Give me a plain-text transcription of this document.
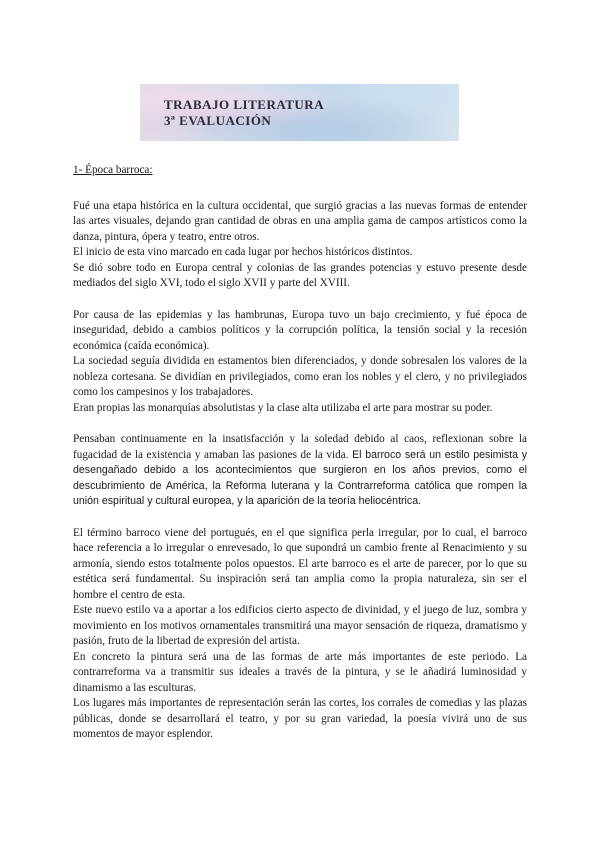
TRABAJO LITERATURA
3ª EVALUACIÓN

1- Época barroca:

Fué una etapa histórica en la cultura occidental, que surgió gracias a las nuevas formas de entender las artes visuales, dejando gran cantidad de obras en una amplia gama de campos artísticos como la danza, pintura, ópera y teatro, entre otros.

El inicio de esta vino marcado en cada lugar por hechos históricos distintos.

Se dió sobre todo en Europa central y colonias de las grandes potencias y estuvo presente desde mediados del siglo XVI, todo el siglo XVII y parte del XVIII.

Por causa de las epidemias y las hambrunas, Europa tuvo un bajo crecimiento, y fué época de inseguridad, debido a cambios políticos y la corrupción política, la tensión social y la recesión económica (caída económica).

La sociedad seguía dividida en estamentos bien diferenciados, y donde sobresalen los valores de la nobleza cortesana. Se dividían en privilegiados, como eran los nobles y el clero, y no privilegiados como los campesinos y los trabajadores.

Eran propias las monarquías absolutistas y la clase alta utilizaba el arte para mostrar su poder.

Pensaban continuamente en la insatisfacción y la soledad debido al caos, reflexionan sobre la fugacidad de la existencia y amaban las pasiones de la vida. El barroco será un estilo pesimista y desengañado debido a los acontecimientos que surgieron en los años previos, como el descubrimiento de América, la Reforma luterana y la Contrarreforma católica que rompen la unión espiritual y cultural europea, y la aparición de la teoría heliocéntrica.

El término barroco viene del portugués, en el que significa perla irregular, por lo cual, el barroco hace referencia a lo irregular o enrevesado, lo que supondrá un cambio frente al Renacimiento y su armonía, siendo estos totalmente polos opuestos. El arte barroco es el arte de parecer, por lo que su estética será fundamental. Su inspiración será tan amplia como la propia naturaleza, sin ser el hombre el centro de esta.

Este nuevo estilo va a aportar a los edificios cierto aspecto de divinidad, y el juego de luz, sombra y movimiento en los motivos ornamentales transmitirá una mayor sensación de riqueza, dramatismo y pasión, fruto de la libertad de expresión del artista.

En concreto la pintura será una de las formas de arte más importantes de este periodo. La contrarreforma va a transmitir sus ideales a través de la pintura, y se le añadirá luminosidad y dinamismo a las esculturas.

Los lugares más importantes de representación serán las cortes, los corrales de comedias y las plazas públicas, donde se desarrollará el teatro, y por su gran variedad, la poesía vivirá uno de sus momentos de mayor esplendor.
